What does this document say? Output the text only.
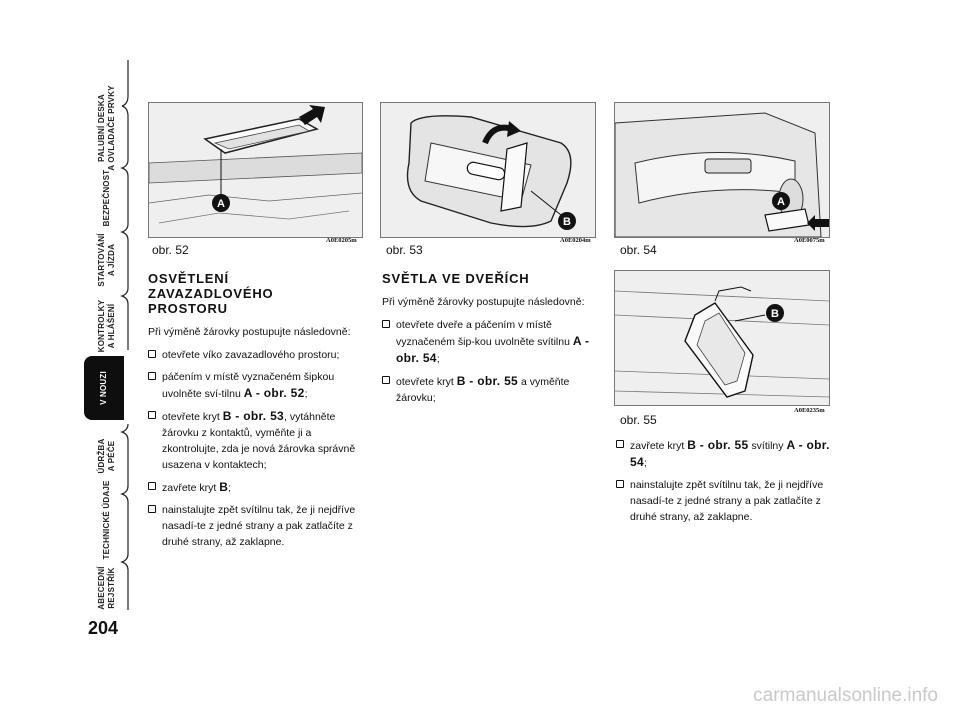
PALUBNÍ DESKA
A OVLADAČE PRVKY
BEZPEČNOST
STARTOVÁNÍ
A JÍZDA
KONTROLKY
A HLÁŠENÍ
V NOUZI
ÚDRŽBA
A PÉČE
TECHNICKÉ ÚDAJE
ABECEDNÍ
REJSTŘÍK
204
A
obr. 52
A0E0205m
B
obr. 53
A0E0204m
A
obr. 54
A0E0075m
B
obr. 55
A0E0235m
OSVĚTLENÍ
ZAVAZADLOVÉHO
PROSTORU
Při výměně žárovky postupujte následovně:
otevřete víko zavazadlového prostoru;
páčením v místě vyznačeném šipkou uvolněte sví-tilnu A - obr. 52;
otevřete kryt B - obr. 53, vytáhněte žárovku z kontaktů, vyměňte ji a zkontrolujte, zda je nová žárovka správně usazena v kontaktech;
zavřete kryt B;
nainstalujte zpět svítilnu tak, že ji nejdříve nasadí-te z jedné strany a pak zatlačíte z druhé strany, až zaklapne.
SVĚTLA VE DVEŘÍCH
Při výměně žárovky postupujte následovně:
otevřete dveře a páčením v místě vyznačeném šip-kou uvolněte svítilnu A - obr. 54;
otevřete kryt B - obr. 55 a vyměňte žárovku;
zavřete kryt B - obr. 55 svítilny A - obr. 54;
nainstalujte zpět svítilnu tak, že ji nejdříve nasadí-te z jedné strany a pak zatlačíte z druhé strany, až zaklapne.
carmanualsonline.info
